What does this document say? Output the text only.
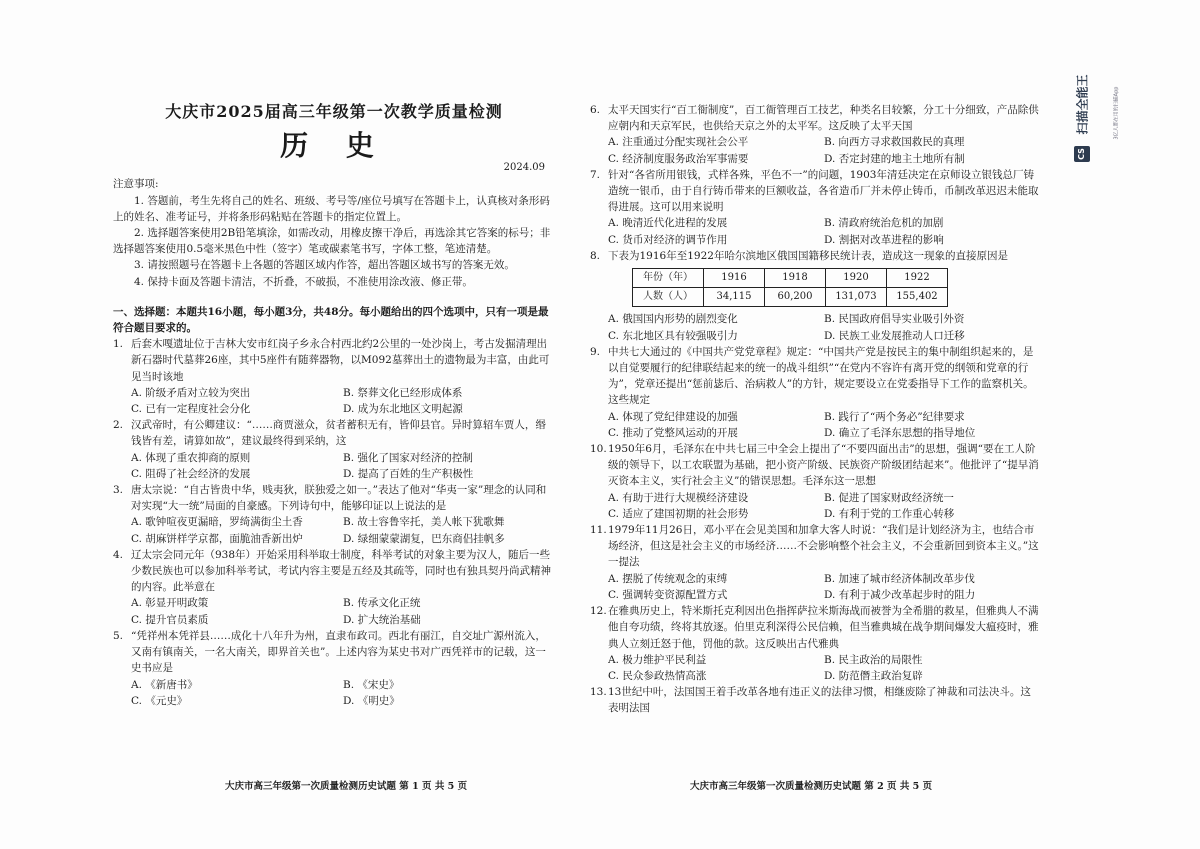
扫描全能王	3亿人都在用的扫描App
CS
大庆市2025届高三年级第一次教学质量检测
历 史
2024.09

注意事项:

1. 答题前，考生先将自己的姓名、班级、考号等/座位号填写在答题卡上，认真核对条形码上的姓名、准考证号，并将条形码粘贴在答题卡的指定位置上。

2. 选择题答案使用2B铅笔填涂，如需改动，用橡皮擦干净后，再选涂其它答案的标号；非选择题答案使用0.5毫米黑色中性（签字）笔或碳素笔书写，字体工整，笔迹清楚。

3. 请按照题号在答题卡上各题的答题区域内作答，超出答题区域书写的答案无效。

4. 保持卡面及答题卡清洁，不折叠，不破损，不准使用涂改液、修正带。

一、选择题：本题共16小题，每小题3分，共48分。每小题给出的四个选项中，只有一项是最符合题目要求的。

1. 后套木嘎遗址位于吉林大安市红岗子乡永合村西北约2公里的一处沙岗上，考古发掘清理出新石器时代墓葬26座，其中5座件有随葬器物，以M092墓葬出土的遗物最为丰富，由此可见当时该地
A. 阶级矛盾对立较为突出	B. 祭葬文化已经形成体系
C. 已有一定程度社会分化	D. 成为东北地区文明起源
2. 汉武帝时，有公卿建议：“……商贾滋众，贫者蓄积无有，皆仰县官。异时算轺车贾人，缗钱皆有差，请算如故”，建议最终得到采纳，这
A. 体现了重农抑商的原则	B. 强化了国家对经济的控制
C. 阻碍了社会经济的发展	D. 提高了百姓的生产积极性
3. 唐太宗说：“自古皆贵中华，贱夷狄，朕独爱之如一。”表达了他对“华夷一家”理念的认同和对实现“大一统”局面的自豪感。下列诗句中，能够印证以上说法的是
A. 歌钟喧夜更漏暗，罗绮满街尘土香	B. 故士容鲁宰托，美人帐下犹歌舞
C. 胡麻饼样学京都，面脆油香新出炉	D. 绿细蒙蒙湖复，巴东商侣挂帆多
4. 辽太宗会同元年（938年）开始采用科举取士制度，科举考试的对象主要为汉人，随后一些少数民族也可以参加科举考试，考试内容主要是五经及其疏等，同时也有独具契丹尚武精神的内容。此举意在
A. 彰显开明政策	B. 传承文化正统
C. 提升官员素质	D. 扩大统治基础
5. “凭祥州本凭祥县……成化十八年升为州，直隶布政司。西北有丽江，自交址广源州流入，又南有镇南关，一名大南关，即界首关也”。上述内容为某史书对广西凭祥市的记载，这一史书应是
A. 《新唐书》	B. 《宋史》
C. 《元史》	D. 《明史》
6. 太平天国实行“百工衙制度”，百工衙管理百工技艺，种类名目较繁，分工十分细致，产品除供应朝内和天京军民，也供给天京之外的太平军。这反映了太平天国
A. 注重通过分配实现社会公平	B. 向西方寻求救国救民的真理
C. 经济制度服务政治军事需要	D. 否定封建的地主土地所有制
7. 针对“各省所用银钱，式样各殊，平色不一”的问题，1903年清廷决定在京师设立银钱总厂铸造统一银币，由于自行铸币带来的巨额收益，各省造币厂并未停止铸币，币制改革迟迟未能取得进展。这可以用来说明
A. 晚清近代化进程的发展	B. 清政府统治危机的加剧
C. 货币对经济的调节作用	D. 割据对改革进程的影响
8. 下表为1916年至1922年哈尔滨地区俄国国籍移民统计表，造成这一现象的直接原因是
年份（年）	1916	1918	1920	1922
人数（人）	34,115	60,200	131,073	155,402
A. 俄国国内形势的剧烈变化	B. 民国政府倡导实业吸引外资
C. 东北地区具有较强吸引力	D. 民族工业发展推动人口迁移
9. 中共七大通过的《中国共产党党章程》规定：“中国共产党是按民主的集中制组织起来的，是以自觉要履行的纪律联结起来的统一的战斗组织”“在党内不容许有离开党的纲领和党章的行为”，党章还提出“惩前毖后、治病救人”的方针，规定要设立在党委指导下工作的监察机关。这些规定
A. 体现了党纪律建设的加强	B. 践行了“两个务必”纪律要求
C. 推动了党整风运动的开展	D. 确立了毛泽东思想的指导地位
10. 1950年6月，毛泽东在中共七届三中全会上提出了“不要四面出击”的思想，强调“要在工人阶级的领导下，以工农联盟为基础，把小资产阶级、民族资产阶级团结起来”。他批评了“提早消灭资本主义，实行社会主义”的错误思想。毛泽东这一思想
A. 有助于进行大规模经济建设	B. 促进了国家财政经济统一
C. 适应了建国初期的社会形势	D. 有利于党的工作重心转移
11. 1979年11月26日，邓小平在会见美国和加拿大客人时说：“我们是计划经济为主，也结合市场经济，但这是社会主义的市场经济……不会影响整个社会主义，不会重新回到资本主义。”这一提法
A. 摆脱了传统观念的束缚	B. 加速了城市经济体制改革步伐
C. 强调转变资源配置方式	D. 有利于减少改革起步时的阻力
12. 在雅典历史上，特米斯托克利因出色指挥萨拉米斯海战而被誉为全希腊的救星，但雅典人不满他自夸功绩，终将其放逐。伯里克利深得公民信赖，但当雅典城在战争期间爆发大瘟疫时，雅典人立刻迁怒于他，罚他的款。这反映出古代雅典
A. 极力维护平民利益	B. 民主政治的局限性
C. 民众参政热情高涨	D. 防范僭主政治复辟
13. 13世纪中叶，法国国王着手改革各地有违正义的法律习惯，相继废除了神裁和司法决斗。这表明法国
大庆市高三年级第一次质量检测历史试题 第 1 页 共 5 页	大庆市高三年级第一次质量检测历史试题 第 2 页 共 5 页
